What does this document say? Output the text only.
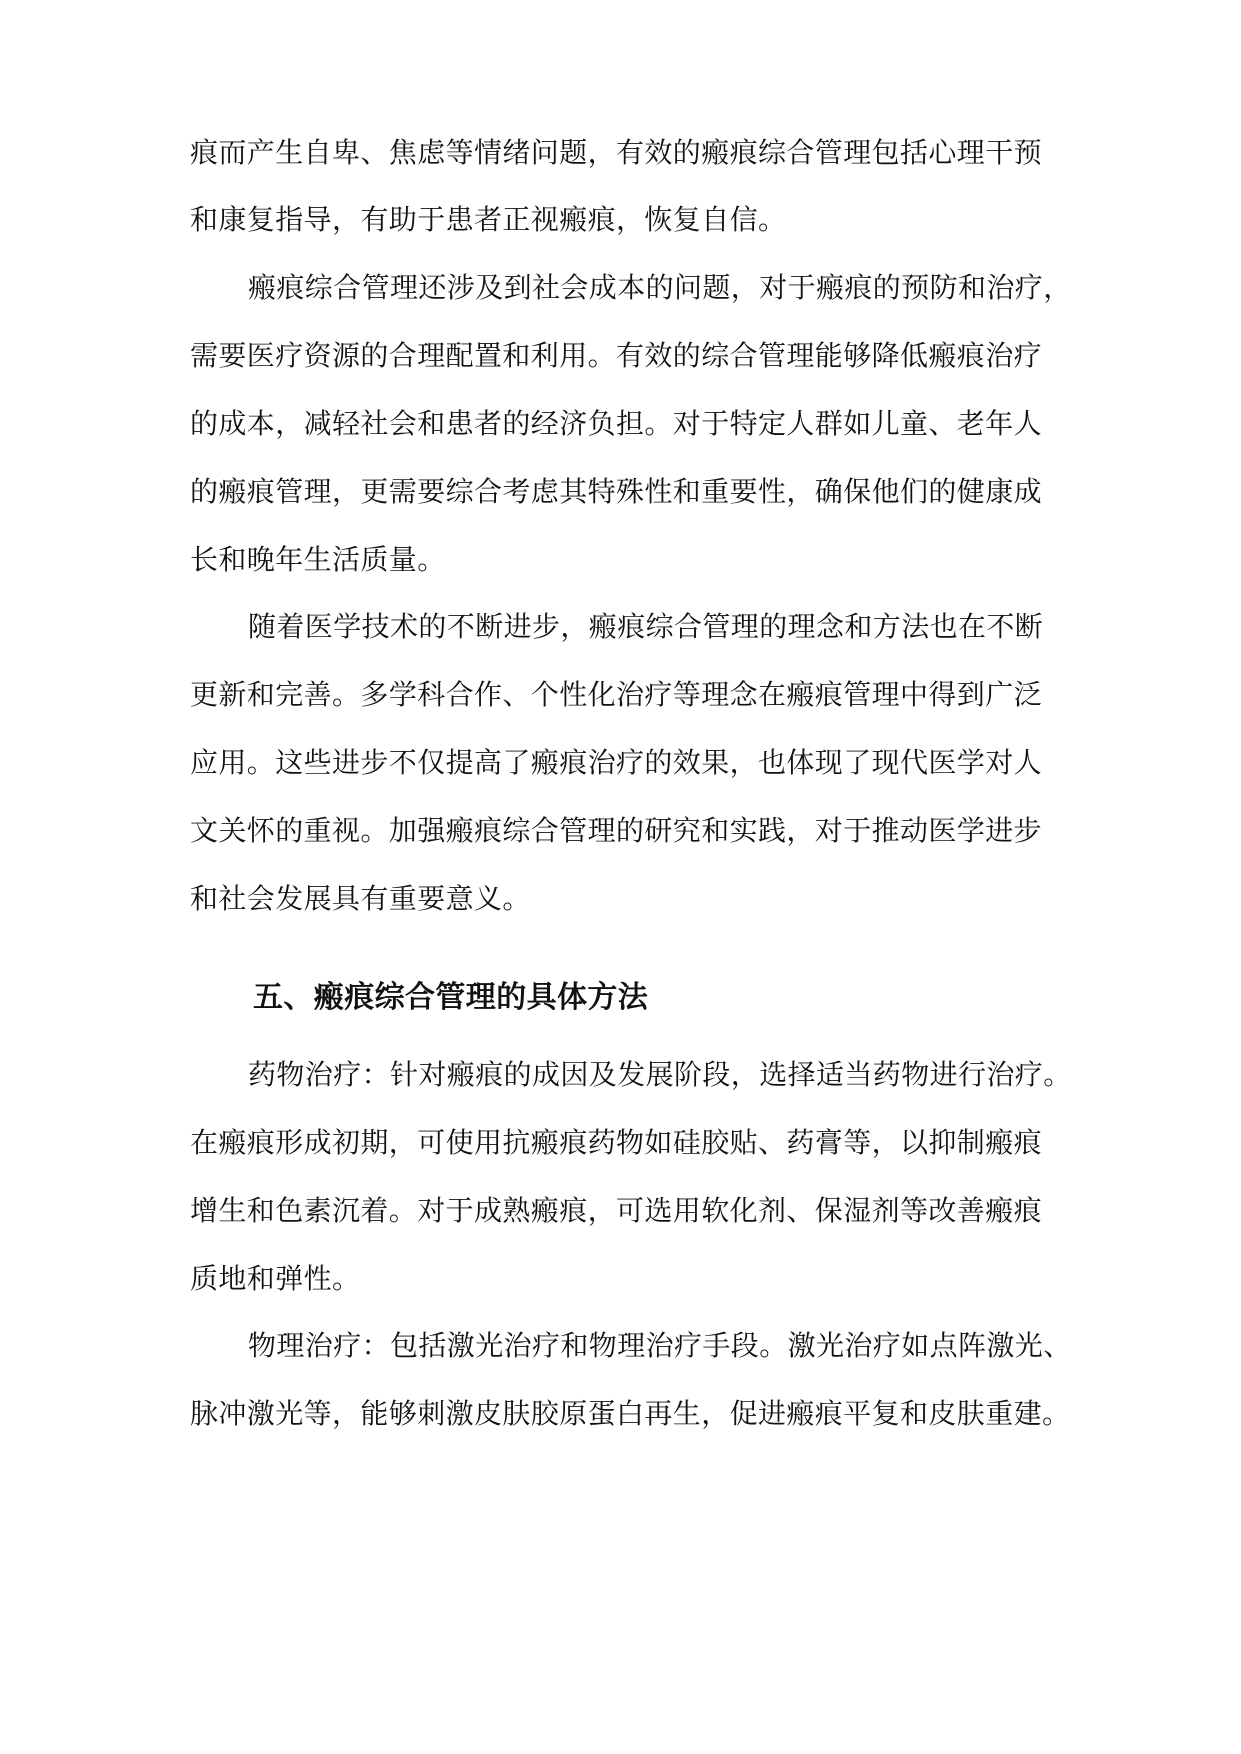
痕而产生自卑、焦虑等情绪问题，有效的瘢痕综合管理包括心理干预
和康复指导，有助于患者正视瘢痕，恢复自信。
瘢痕综合管理还涉及到社会成本的问题，对于瘢痕的预防和治疗，
需要医疗资源的合理配置和利用。有效的综合管理能够降低瘢痕治疗
的成本，减轻社会和患者的经济负担。对于特定人群如儿童、老年人
的瘢痕管理，更需要综合考虑其特殊性和重要性，确保他们的健康成
长和晚年生活质量。
随着医学技术的不断进步，瘢痕综合管理的理念和方法也在不断
更新和完善。多学科合作、个性化治疗等理念在瘢痕管理中得到广泛
应用。这些进步不仅提高了瘢痕治疗的效果，也体现了现代医学对人
文关怀的重视。加强瘢痕综合管理的研究和实践，对于推动医学进步
和社会发展具有重要意义。
五、瘢痕综合管理的具体方法
药物治疗：针对瘢痕的成因及发展阶段，选择适当药物进行治疗。
在瘢痕形成初期，可使用抗瘢痕药物如硅胶贴、药膏等，以抑制瘢痕
增生和色素沉着。对于成熟瘢痕，可选用软化剂、保湿剂等改善瘢痕
质地和弹性。
物理治疗：包括激光治疗和物理治疗手段。激光治疗如点阵激光、
脉冲激光等，能够刺激皮肤胶原蛋白再生，促进瘢痕平复和皮肤重建。
